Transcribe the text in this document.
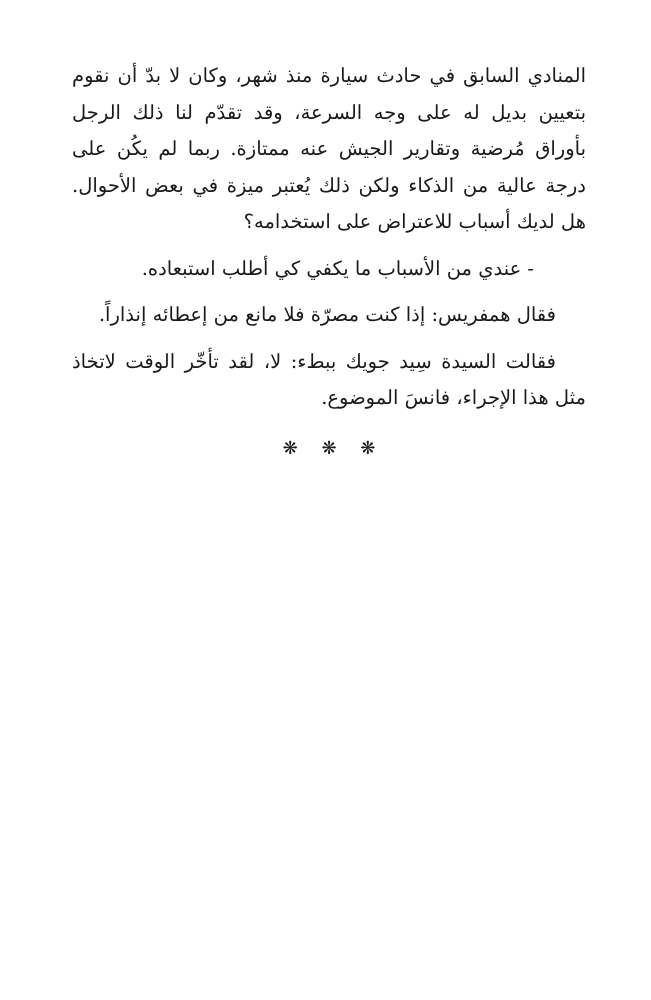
المنادي السابق في حادث سيارة منذ شهر، وكان لا بدّ أن نقوم بتعيين بديل له على وجه السرعة، وقد تقدّم لنا ذلك الرجل بأوراق مُرضية وتقارير الجيش عنه ممتازة. ربما لم يكُن على درجة عالية من الذكاء ولكن ذلك يُعتبر ميزة في بعض الأحوال. هل لديك أسباب للاعتراض على استخدامه؟

- عندي من الأسباب ما يكفي كي أطلب استبعاده.

فقال همفريس: إذا كنت مصرّة فلا مانع من إعطائه إنذاراً.

فقالت السيدة سِيد جويك ببطء: لا، لقد تأخّر الوقت لاتخاذ مثل هذا الإجراء، فانسَ الموضوع.

❋ ❋ ❋
